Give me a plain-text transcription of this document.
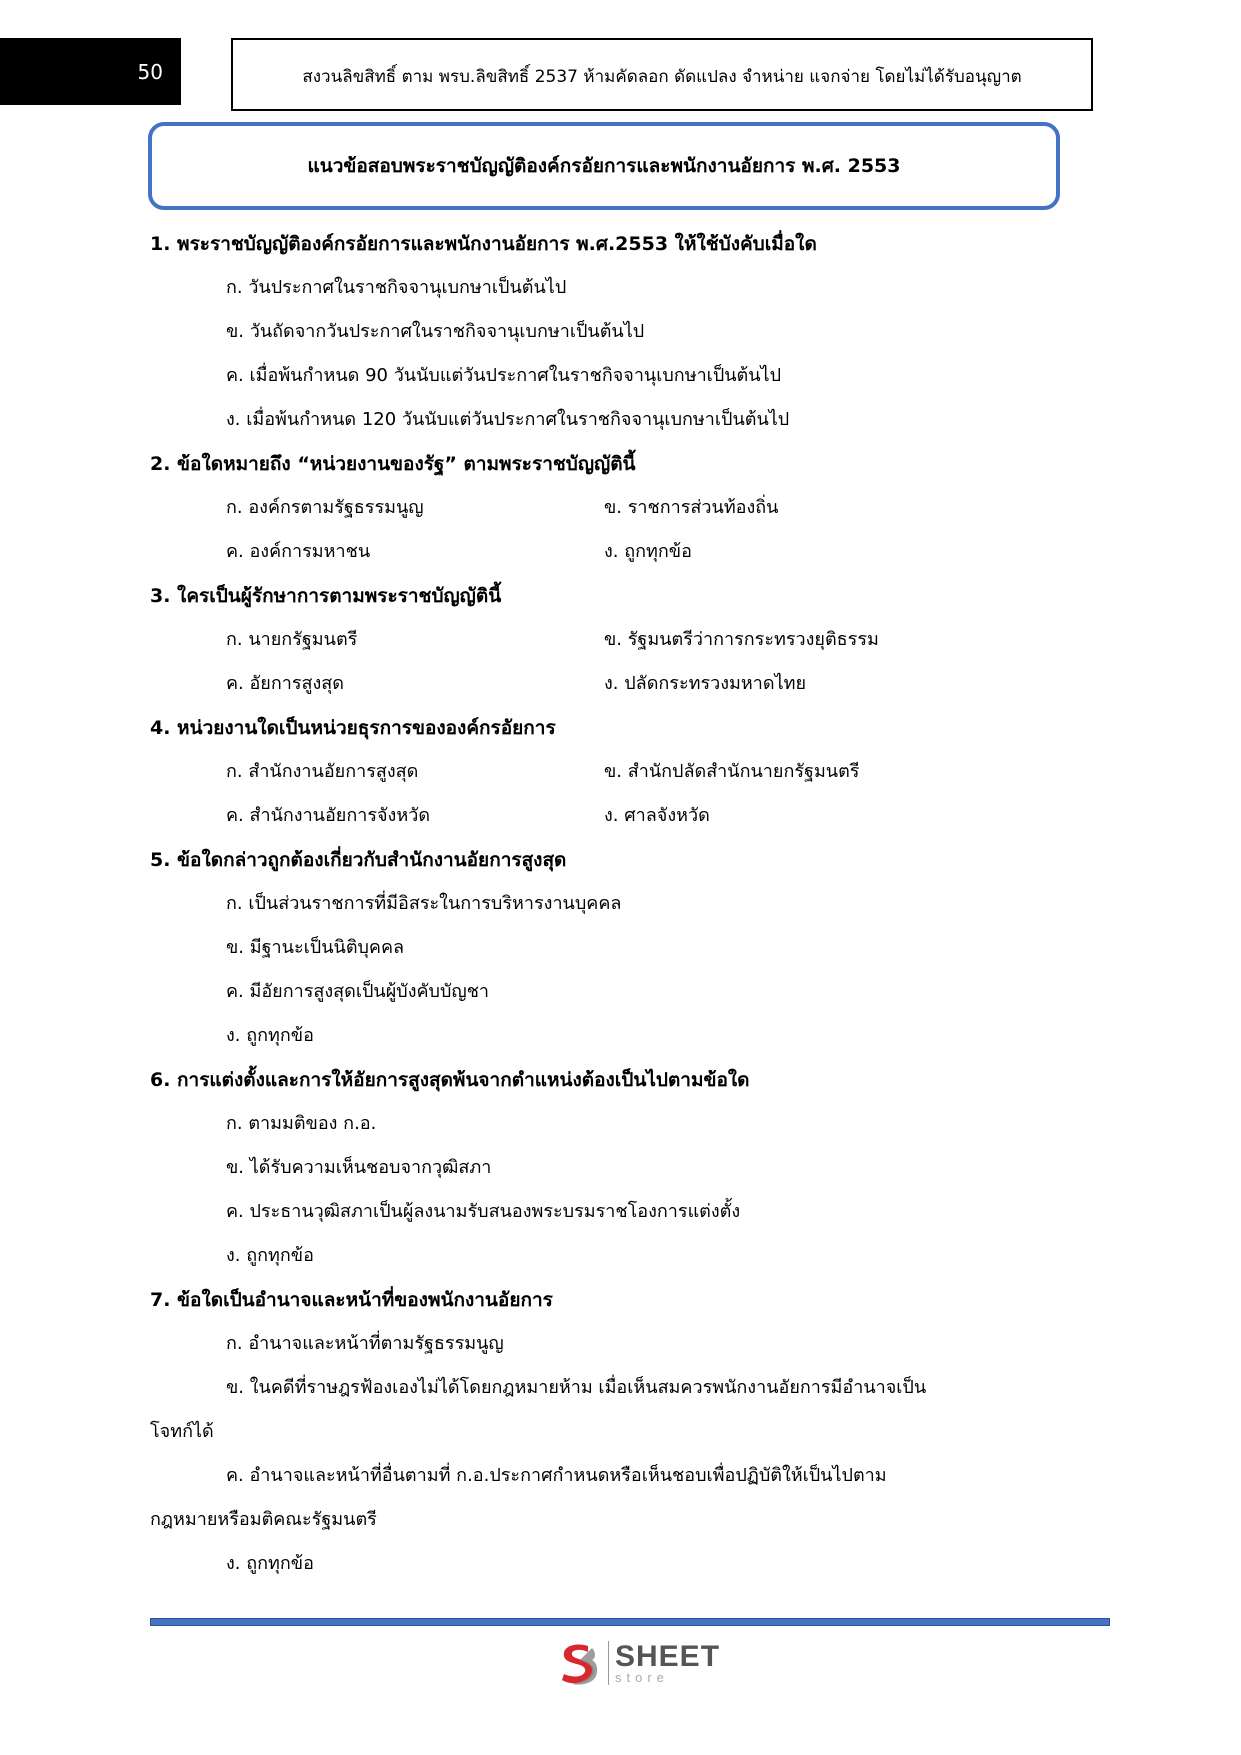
50	สงวนลิขสิทธิ์ ตาม พรบ.ลิขสิทธิ์ 2537 ห้ามคัดลอก ดัดแปลง จำหน่าย แจกจ่าย โดยไม่ได้รับอนุญาต
แนวข้อสอบพระราชบัญญัติองค์กรอัยการและพนักงานอัยการ พ.ศ. 2553
1. พระราชบัญญัติองค์กรอัยการและพนักงานอัยการ พ.ศ.2553 ให้ใช้บังคับเมื่อใด
ก. วันประกาศในราชกิจจานุเบกษาเป็นต้นไป
ข. วันถัดจากวันประกาศในราชกิจจานุเบกษาเป็นต้นไป
ค. เมื่อพ้นกำหนด 90 วันนับแต่วันประกาศในราชกิจจานุเบกษาเป็นต้นไป
ง. เมื่อพ้นกำหนด 120 วันนับแต่วันประกาศในราชกิจจานุเบกษาเป็นต้นไป
2. ข้อใดหมายถึง “หน่วยงานของรัฐ” ตามพระราชบัญญัตินี้
ก. องค์กรตามรัฐธรรมนูญ	ข. ราชการส่วนท้องถิ่น
ค. องค์การมหาชน	ง. ถูกทุกข้อ
3. ใครเป็นผู้รักษาการตามพระราชบัญญัตินี้
ก. นายกรัฐมนตรี	ข. รัฐมนตรีว่าการกระทรวงยุติธรรม
ค. อัยการสูงสุด	ง. ปลัดกระทรวงมหาดไทย
4. หน่วยงานใดเป็นหน่วยธุรการขององค์กรอัยการ
ก. สำนักงานอัยการสูงสุด	ข. สำนักปลัดสำนักนายกรัฐมนตรี
ค. สำนักงานอัยการจังหวัด	ง. ศาลจังหวัด
5. ข้อใดกล่าวถูกต้องเกี่ยวกับสำนักงานอัยการสูงสุด
ก. เป็นส่วนราชการที่มีอิสระในการบริหารงานบุคคล
ข. มีฐานะเป็นนิติบุคคล
ค. มีอัยการสูงสุดเป็นผู้บังคับบัญชา
ง. ถูกทุกข้อ
6. การแต่งตั้งและการให้อัยการสูงสุดพ้นจากตำแหน่งต้องเป็นไปตามข้อใด
ก. ตามมติของ ก.อ.
ข. ได้รับความเห็นชอบจากวุฒิสภา
ค. ประธานวุฒิสภาเป็นผู้ลงนามรับสนองพระบรมราชโองการแต่งตั้ง
ง. ถูกทุกข้อ
7. ข้อใดเป็นอำนาจและหน้าที่ของพนักงานอัยการ
ก. อำนาจและหน้าที่ตามรัฐธรรมนูญ
ข. ในคดีที่ราษฎรฟ้องเองไม่ได้โดยกฎหมายห้าม เมื่อเห็นสมควรพนักงานอัยการมีอำนาจเป็น
โจทก์ได้
ค. อำนาจและหน้าที่อื่นตามที่ ก.อ.ประกาศกำหนดหรือเห็นชอบเพื่อปฏิบัติให้เป็นไปตาม
กฎหมายหรือมติคณะรัฐมนตรี
ง. ถูกทุกข้อ
SHEET
store
